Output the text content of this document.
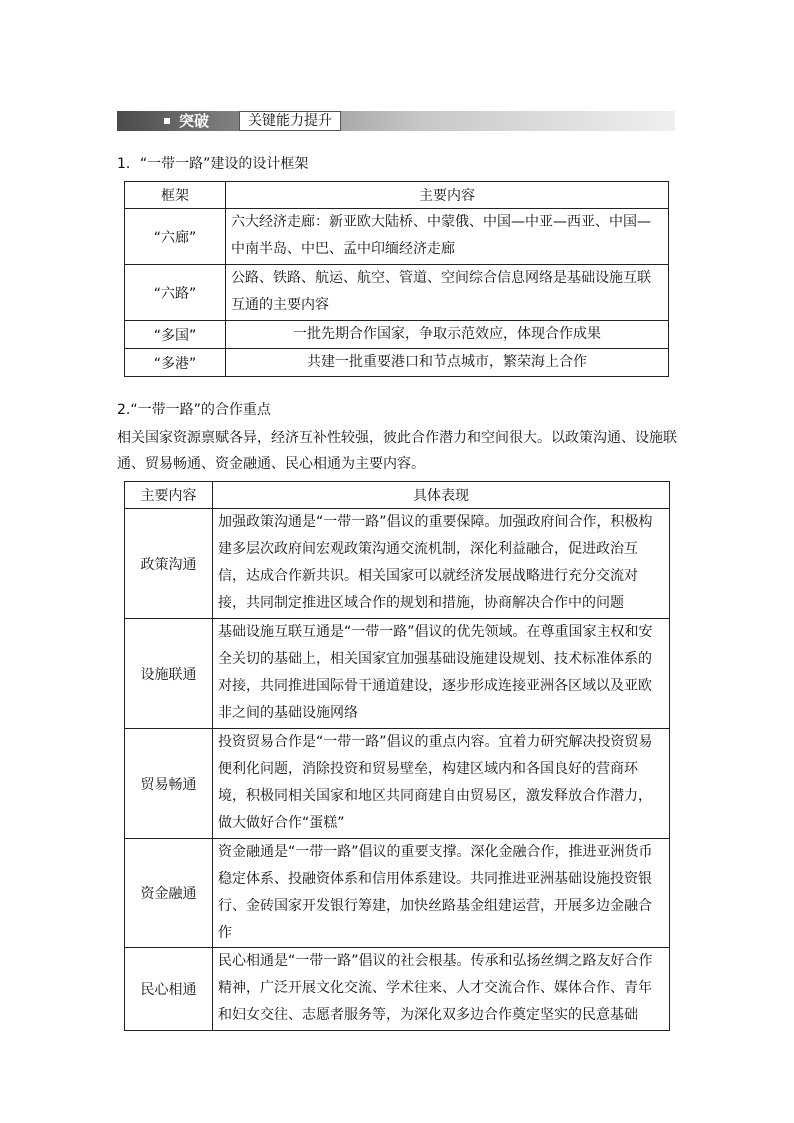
突破	关键能力提升
1．“一带一路”建设的设计框架
框架	主要内容
“六廊”	六大经济走廊：新亚欧大陆桥、中蒙俄、中国—中亚—西亚、中国—中南半岛、中巴、孟中印缅经济走廊
“六路”	公路、铁路、航运、航空、管道、空间综合信息网络是基础设施互联互通的主要内容
“多国”	一批先期合作国家，争取示范效应，体现合作成果
“多港”	共建一批重要港口和节点城市，繁荣海上合作
2.“一带一路”的合作重点
相关国家资源禀赋各异，经济互补性较强，彼此合作潜力和空间很大。以政策沟通、设施联通、贸易畅通、资金融通、民心相通为主要内容。
主要内容	具体表现
政策沟通	加强政策沟通是“一带一路”倡议的重要保障。加强政府间合作，积极构建多层次政府间宏观政策沟通交流机制，深化利益融合，促进政治互信，达成合作新共识。相关国家可以就经济发展战略进行充分交流对接，共同制定推进区域合作的规划和措施，协商解决合作中的问题
设施联通	基础设施互联互通是“一带一路”倡议的优先领域。在尊重国家主权和安全关切的基础上，相关国家宜加强基础设施建设规划、技术标准体系的对接，共同推进国际骨干通道建设，逐步形成连接亚洲各区域以及亚欧非之间的基础设施网络
贸易畅通	投资贸易合作是“一带一路”倡议的重点内容。宜着力研究解决投资贸易便利化问题，消除投资和贸易壁垒，构建区域内和各国良好的营商环境，积极同相关国家和地区共同商建自由贸易区，激发释放合作潜力，做大做好合作“蛋糕”
资金融通	资金融通是“一带一路”倡议的重要支撑。深化金融合作，推进亚洲货币稳定体系、投融资体系和信用体系建设。共同推进亚洲基础设施投资银行、金砖国家开发银行筹建，加快丝路基金组建运营，开展多边金融合作
民心相通	民心相通是“一带一路”倡议的社会根基。传承和弘扬丝绸之路友好合作精神，广泛开展文化交流、学术往来、人才交流合作、媒体合作、青年和妇女交往、志愿者服务等，为深化双多边合作奠定坚实的民意基础
